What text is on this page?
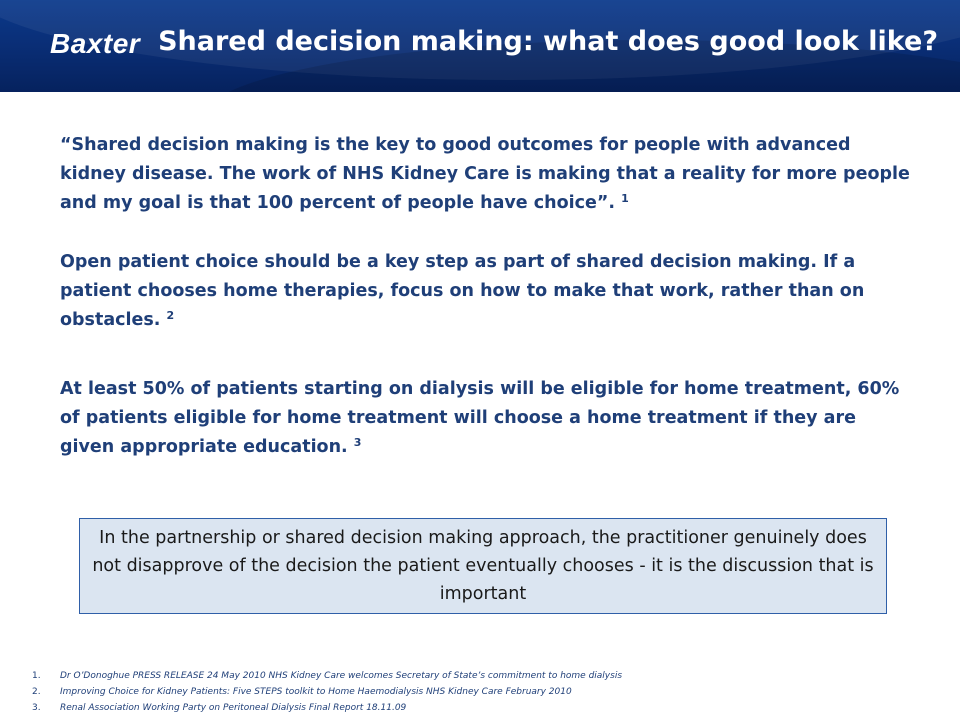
Baxter Shared decision making: what does good look like?
“Shared decision making is the key to good outcomes for people with advanced kidney disease. The work of NHS Kidney Care is making that a reality for more people and my goal is that 100 percent of people have choice”. $^1$
Open patient choice should be a key step as part of shared decision making. If a patient chooses home therapies, focus on how to make that work, rather than on obstacles. $^2$
At least 50% of patients starting on dialysis will be eligible for home treatment, 60% of patients eligible for home treatment will choose a home treatment if they are given appropriate education. $^3$
In the partnership or shared decision making approach, the practitioner genuinely does not disapprove of the decision the patient eventually chooses - it is the discussion that is important
1. Dr O’Donoghue PRESS RELEASE 24 May 2010 NHS Kidney Care welcomes Secretary of State’s commitment to home dialysis
2. Improving Choice for Kidney Patients: Five STEPS toolkit to Home Haemodialysis NHS Kidney Care February 2010
3. Renal Association Working Party on Peritoneal Dialysis Final Report 18.11.09
